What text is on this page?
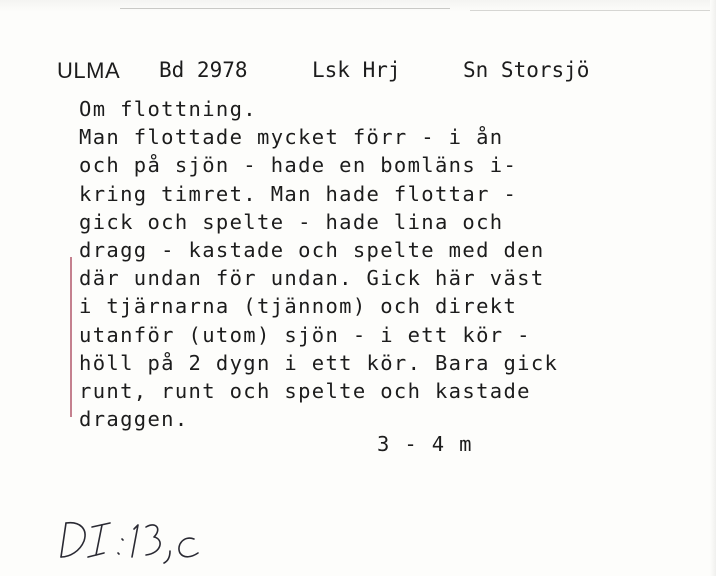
ULMA Bd 2978	Lsk Hrj	Sn Storsjö
Om flottning.
Man flottade mycket förr - i ån
och på sjön - hade en bomläns i-
kring timret. Man hade flottar -
gick och spelte - hade lina och
dragg - kastade och spelte med den
där undan för undan. Gick här väst
i tjärnarna (tjännom) och direkt
utanför (utom) sjön - i ett kör -
höll på 2 dygn i ett kör. Bara gick
runt, runt och spelte och kastade
draggen.
3 - 4 m
